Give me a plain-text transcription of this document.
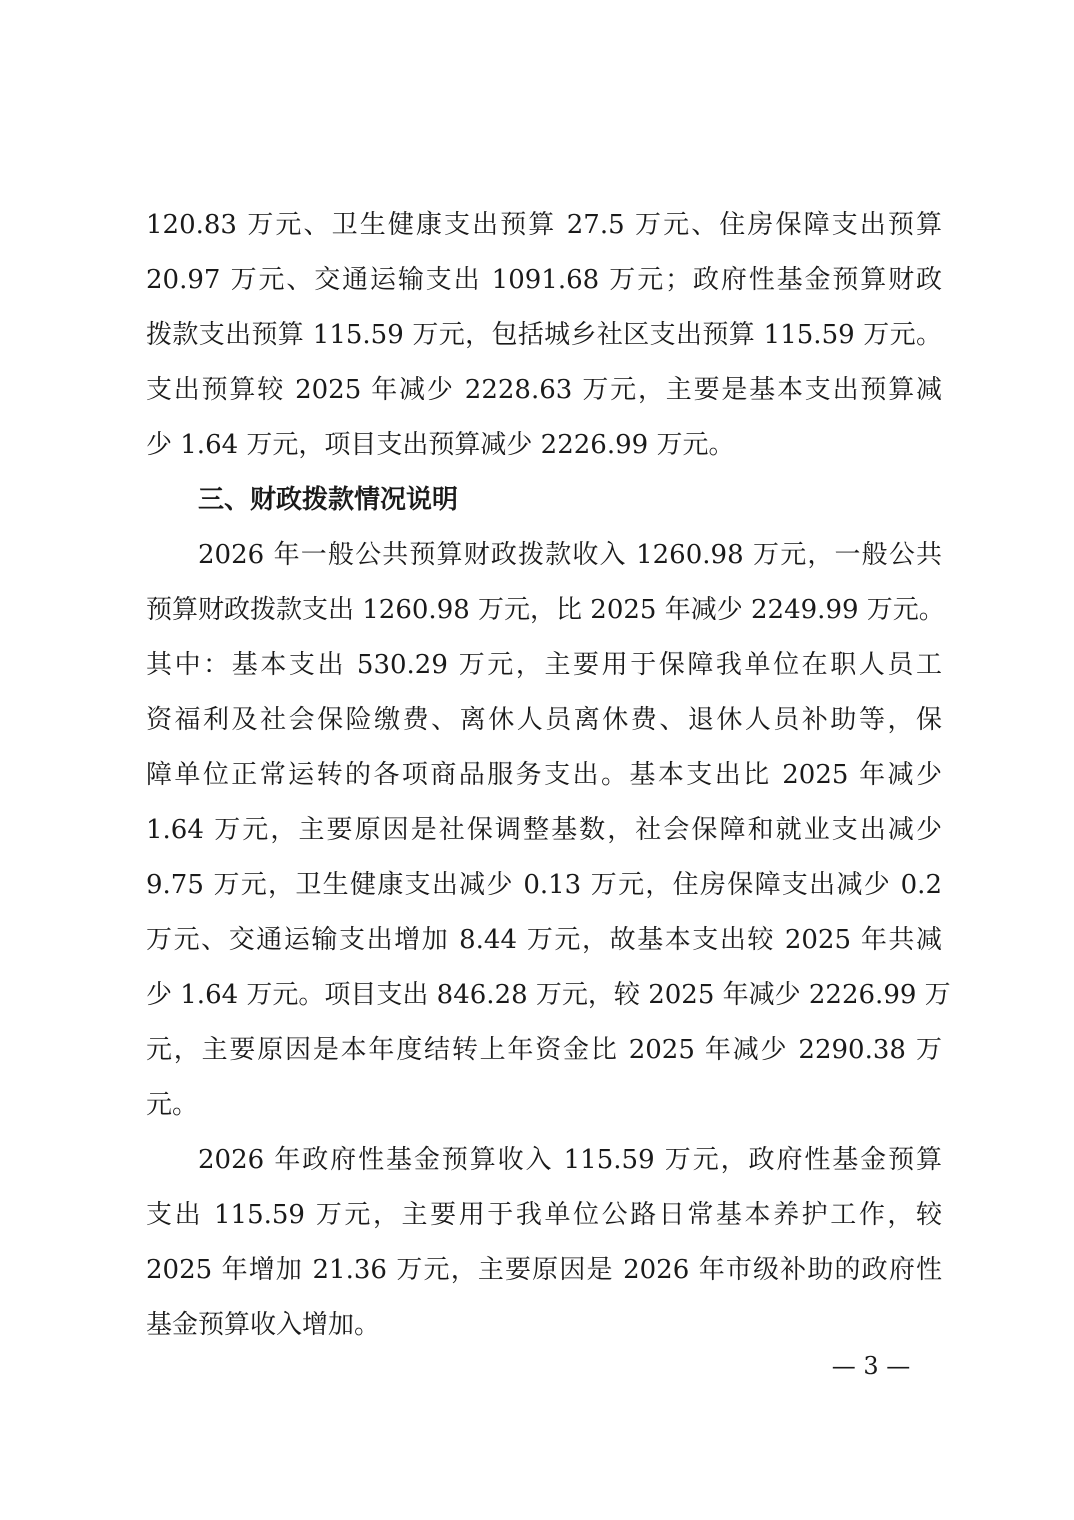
120.83 万元、卫生健康支出预算 27.5 万元、住房保障支出预算
20.97 万元、交通运输支出 1091.68 万元；政府性基金预算财政
拨款支出预算 115.59 万元，包括城乡社区支出预算 115.59 万元。
支出预算较 2025 年减少 2228.63 万元，主要是基本支出预算减
少 1.64 万元，项目支出预算减少 2226.99 万元。
三、财政拨款情况说明
2026 年一般公共预算财政拨款收入 1260.98 万元，一般公共
预算财政拨款支出 1260.98 万元，比 2025 年减少 2249.99 万元。
其中：基本支出 530.29 万元，主要用于保障我单位在职人员工
资福利及社会保险缴费、离休人员离休费、退休人员补助等，保
障单位正常运转的各项商品服务支出。基本支出比 2025 年减少
1.64 万元，主要原因是社保调整基数，社会保障和就业支出减少
9.75 万元，卫生健康支出减少 0.13 万元，住房保障支出减少 0.2
万元、交通运输支出增加 8.44 万元，故基本支出较 2025 年共减
少 1.64 万元。项目支出 846.28 万元，较 2025 年减少 2226.99 万
元，主要原因是本年度结转上年资金比 2025 年减少 2290.38 万
元。
2026 年政府性基金预算收入 115.59 万元，政府性基金预算
支出 115.59 万元，主要用于我单位公路日常基本养护工作，较
2025 年增加 21.36 万元，主要原因是 2026 年市级补助的政府性
基金预算收入增加。
— 3 —
